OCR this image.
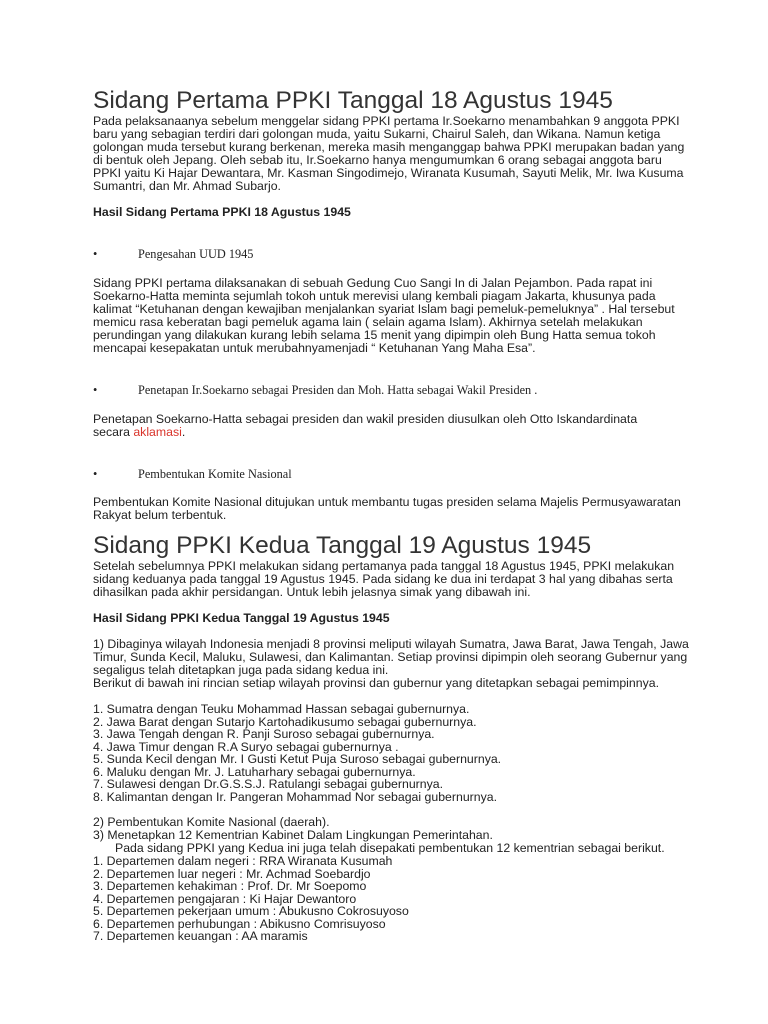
Sidang Pertama PPKI Tanggal 18 Agustus 1945

Pada pelaksanaanya sebelum menggelar sidang PPKI pertama Ir.Soekarno menambahkan 9 anggota PPKI baru yang sebagian terdiri dari golongan muda, yaitu Sukarni, Chairul Saleh, dan Wikana. Namun ketiga golongan muda tersebut kurang berkenan, mereka masih menganggap bahwa PPKI merupakan badan yang di bentuk oleh Jepang. Oleh sebab itu, Ir.Soekarno hanya mengumumkan 6 orang sebagai anggota baru PPKI yaitu Ki Hajar Dewantara, Mr. Kasman Singodimejo, Wiranata Kusumah, Sayuti Melik, Mr. Iwa Kusuma Sumantri, dan Mr. Ahmad Subarjo.

Hasil Sidang Pertama PPKI 18 Agustus 1945

•	Pengesahan UUD 1945

Sidang PPKI pertama dilaksanakan di sebuah Gedung Cuo Sangi In di Jalan Pejambon. Pada rapat ini Soekarno-Hatta meminta sejumlah tokoh untuk merevisi ulang kembali piagam Jakarta, khusunya pada kalimat “Ketuhanan dengan kewajiban menjalankan syariat Islam bagi pemeluk-pemeluknya” . Hal tersebut memicu rasa keberatan bagi pemeluk agama lain ( selain agama Islam). Akhirnya setelah melakukan perundingan yang dilakukan kurang lebih selama 15 menit yang dipimpin oleh Bung Hatta semua tokoh mencapai kesepakatan untuk merubahnyamenjadi “ Ketuhanan Yang Maha Esa”.

•	Penetapan Ir.Soekarno sebagai Presiden dan Moh. Hatta sebagai Wakil Presiden .

Penetapan Soekarno-Hatta sebagai presiden dan wakil presiden diusulkan oleh Otto Iskandardinata
secara aklamasi.

•	Pembentukan Komite Nasional

Pembentukan Komite Nasional ditujukan untuk membantu tugas presiden selama Majelis Permusyawaratan Rakyat belum terbentuk.

Sidang PPKI Kedua Tanggal 19 Agustus 1945

Setelah sebelumnya PPKI melakukan sidang pertamanya pada tanggal 18 Agustus 1945, PPKI melakukan sidang keduanya pada tanggal 19 Agustus 1945. Pada sidang ke dua ini terdapat 3 hal yang dibahas serta dihasilkan pada akhir persidangan. Untuk lebih jelasnya simak yang dibawah ini.

Hasil Sidang PPKI Kedua Tanggal 19 Agustus 1945

1) Dibaginya wilayah Indonesia menjadi 8 provinsi meliputi wilayah Sumatra, Jawa Barat, Jawa Tengah, Jawa Timur, Sunda Kecil, Maluku, Sulawesi, dan Kalimantan. Setiap provinsi dipimpin oleh seorang Gubernur yang segaligus telah ditetapkan juga pada sidang kedua ini.

Berikut di bawah ini rincian setiap wilayah provinsi dan gubernur yang ditetapkan sebagai pemimpinnya.

1. Sumatra dengan Teuku Mohammad Hassan sebagai gubernurnya.
2. Jawa Barat dengan Sutarjo Kartohadikusumo sebagai gubernurnya.
3. Jawa Tengah dengan R. Panji Suroso sebagai gubernurnya.
4. Jawa Timur dengan R.A Suryo sebagai gubernurnya .
5. Sunda Kecil dengan Mr. I Gusti Ketut Puja Suroso sebagai gubernurnya.
6. Maluku dengan Mr. J. Latuharhary sebagai gubernurnya.
7. Sulawesi dengan Dr.G.S.S.J. Ratulangi sebagai gubernurnya.
8. Kalimantan dengan Ir. Pangeran Mohammad Nor sebagai gubernurnya.

2) Pembentukan Komite Nasional (daerah).

3) Menetapkan 12 Kementrian Kabinet Dalam Lingkungan Pemerintahan.

Pada sidang PPKI yang Kedua ini juga telah disepakati pembentukan 12 kementrian sebagai berikut.

1. Departemen dalam negeri : RRA Wiranata Kusumah
2. Departemen luar negeri : Mr. Achmad Soebardjo
3. Departemen kehakiman : Prof. Dr. Mr Soepomo
4. Departemen pengajaran : Ki Hajar Dewantoro
5. Departemen pekerjaan umum : Abukusno Cokrosuyoso
6. Departemen perhubungan : Abikusno Comrisuyoso
7. Departemen keuangan : AA maramis
